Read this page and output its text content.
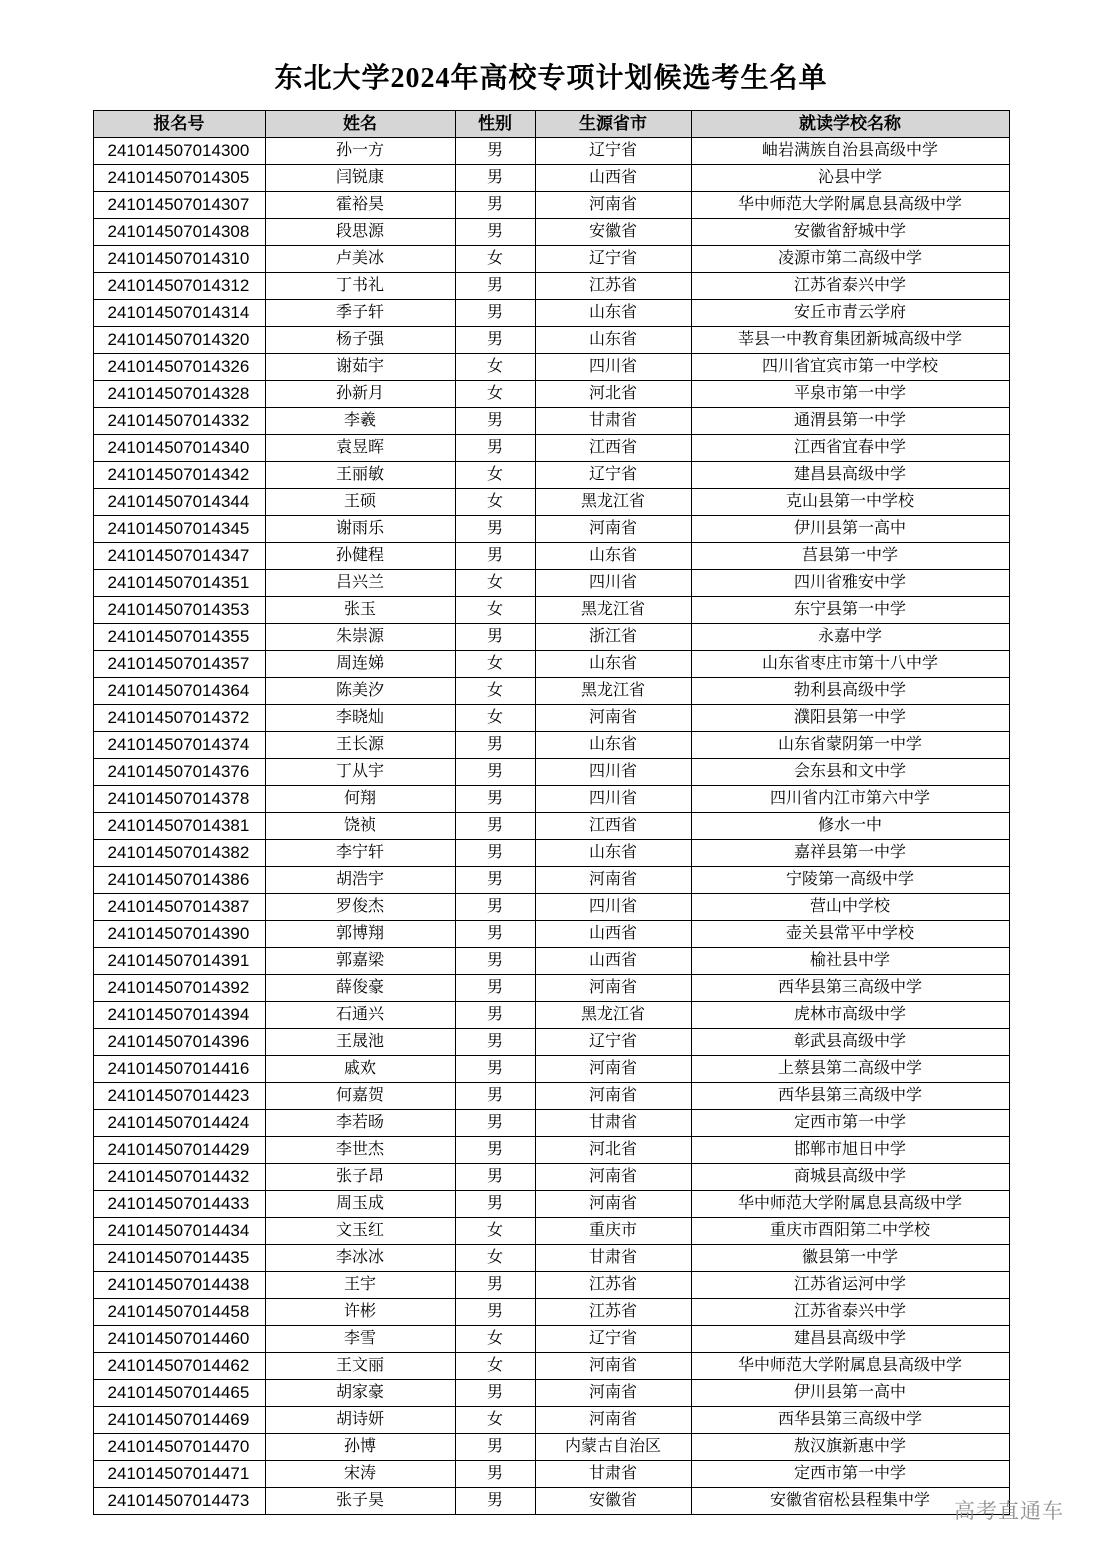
东北大学2024年高校专项计划候选考生名单
报名号	姓名	性别	生源省市	就读学校名称
241014507014300	孙一方	男	辽宁省	岫岩满族自治县高级中学
241014507014305	闫锐康	男	山西省	沁县中学
241014507014307	霍裕昊	男	河南省	华中师范大学附属息县高级中学
241014507014308	段思源	男	安徽省	安徽省舒城中学
241014507014310	卢美冰	女	辽宁省	凌源市第二高级中学
241014507014312	丁书礼	男	江苏省	江苏省泰兴中学
241014507014314	季子轩	男	山东省	安丘市青云学府
241014507014320	杨子强	男	山东省	莘县一中教育集团新城高级中学
241014507014326	谢茹宇	女	四川省	四川省宜宾市第一中学校
241014507014328	孙新月	女	河北省	平泉市第一中学
241014507014332	李羲	男	甘肃省	通渭县第一中学
241014507014340	袁昱晖	男	江西省	江西省宜春中学
241014507014342	王丽敏	女	辽宁省	建昌县高级中学
241014507014344	王硕	女	黑龙江省	克山县第一中学校
241014507014345	谢雨乐	男	河南省	伊川县第一高中
241014507014347	孙健程	男	山东省	莒县第一中学
241014507014351	吕兴兰	女	四川省	四川省雅安中学
241014507014353	张玉	女	黑龙江省	东宁县第一中学
241014507014355	朱崇源	男	浙江省	永嘉中学
241014507014357	周连娣	女	山东省	山东省枣庄市第十八中学
241014507014364	陈美汐	女	黑龙江省	勃利县高级中学
241014507014372	李晓灿	女	河南省	濮阳县第一中学
241014507014374	王长源	男	山东省	山东省蒙阴第一中学
241014507014376	丁从宇	男	四川省	会东县和文中学
241014507014378	何翔	男	四川省	四川省内江市第六中学
241014507014381	饶祯	男	江西省	修水一中
241014507014382	李宁轩	男	山东省	嘉祥县第一中学
241014507014386	胡浩宇	男	河南省	宁陵第一高级中学
241014507014387	罗俊杰	男	四川省	营山中学校
241014507014390	郭博翔	男	山西省	壶关县常平中学校
241014507014391	郭嘉梁	男	山西省	榆社县中学
241014507014392	薛俊豪	男	河南省	西华县第三高级中学
241014507014394	石通兴	男	黑龙江省	虎林市高级中学
241014507014396	王晟池	男	辽宁省	彰武县高级中学
241014507014416	戚欢	男	河南省	上蔡县第二高级中学
241014507014423	何嘉贺	男	河南省	西华县第三高级中学
241014507014424	李若旸	男	甘肃省	定西市第一中学
241014507014429	李世杰	男	河北省	邯郸市旭日中学
241014507014432	张子昂	男	河南省	商城县高级中学
241014507014433	周玉成	男	河南省	华中师范大学附属息县高级中学
241014507014434	文玉红	女	重庆市	重庆市酉阳第二中学校
241014507014435	李冰冰	女	甘肃省	徽县第一中学
241014507014438	王宇	男	江苏省	江苏省运河中学
241014507014458	许彬	男	江苏省	江苏省泰兴中学
241014507014460	李雪	女	辽宁省	建昌县高级中学
241014507014462	王文丽	女	河南省	华中师范大学附属息县高级中学
241014507014465	胡家豪	男	河南省	伊川县第一高中
241014507014469	胡诗妍	女	河南省	西华县第三高级中学
241014507014470	孙博	男	内蒙古自治区	敖汉旗新惠中学
241014507014471	宋涛	男	甘肃省	定西市第一中学
241014507014473	张子昊	男	安徽省	安徽省宿松县程集中学 高考直通车
